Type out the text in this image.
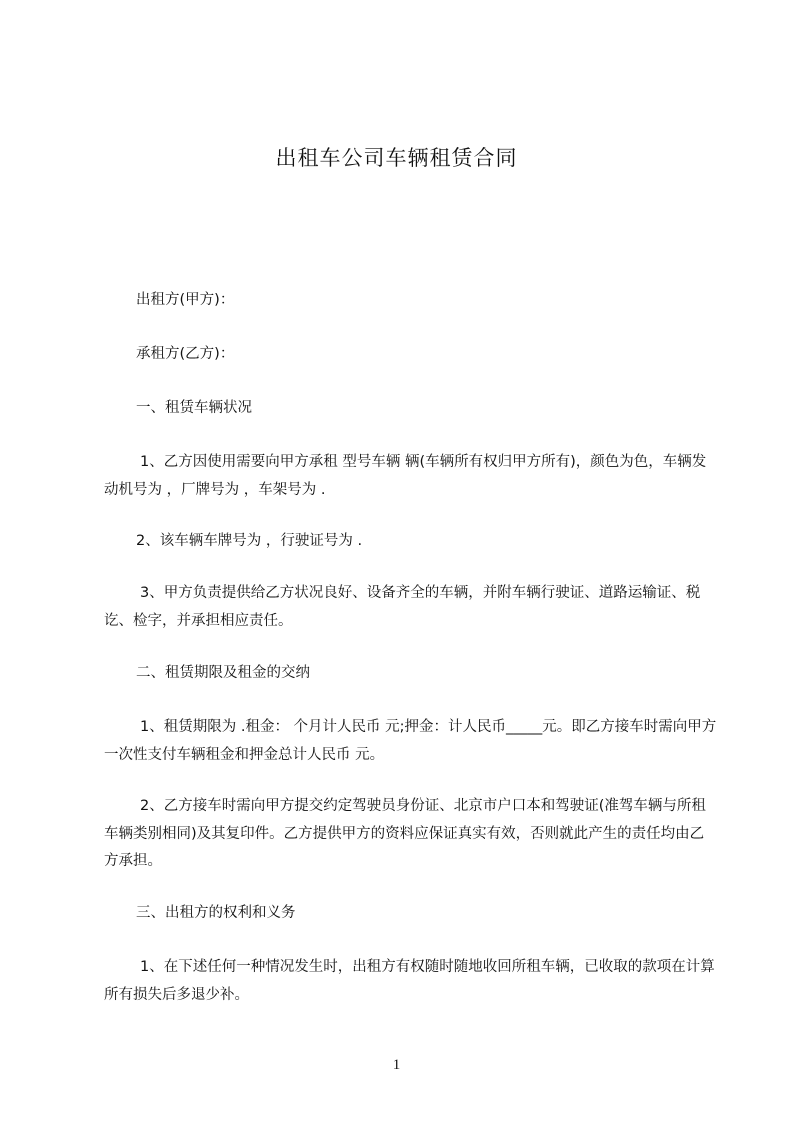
出租车公司车辆租赁合同
出租方(甲方)：
承租方(乙方)：
一、租赁车辆状况
1、乙方因使用需要向甲方承租 型号车辆 辆(车辆所有权归甲方所有)，颜色为色，车辆发动机号为 ，厂牌号为 ，车架号为 .
2、该车辆车牌号为 ，行驶证号为 .
3、甲方负责提供给乙方状况良好、设备齐全的车辆，并附车辆行驶证、道路运输证、税讫、检字，并承担相应责任。
二、租赁期限及租金的交纳
1、租赁期限为 .租金： 个月计人民币 元;押金：计人民币_____元。即乙方接车时需向甲方一次性支付车辆租金和押金总计人民币 元。
2、乙方接车时需向甲方提交约定驾驶员身份证、北京市户口本和驾驶证(准驾车辆与所租车辆类别相同)及其复印件。乙方提供甲方的资料应保证真实有效，否则就此产生的责任均由乙方承担。
三、出租方的权利和义务
1、在下述任何一种情况发生时，出租方有权随时随地收回所租车辆，已收取的款项在计算所有损失后多退少补。
1
